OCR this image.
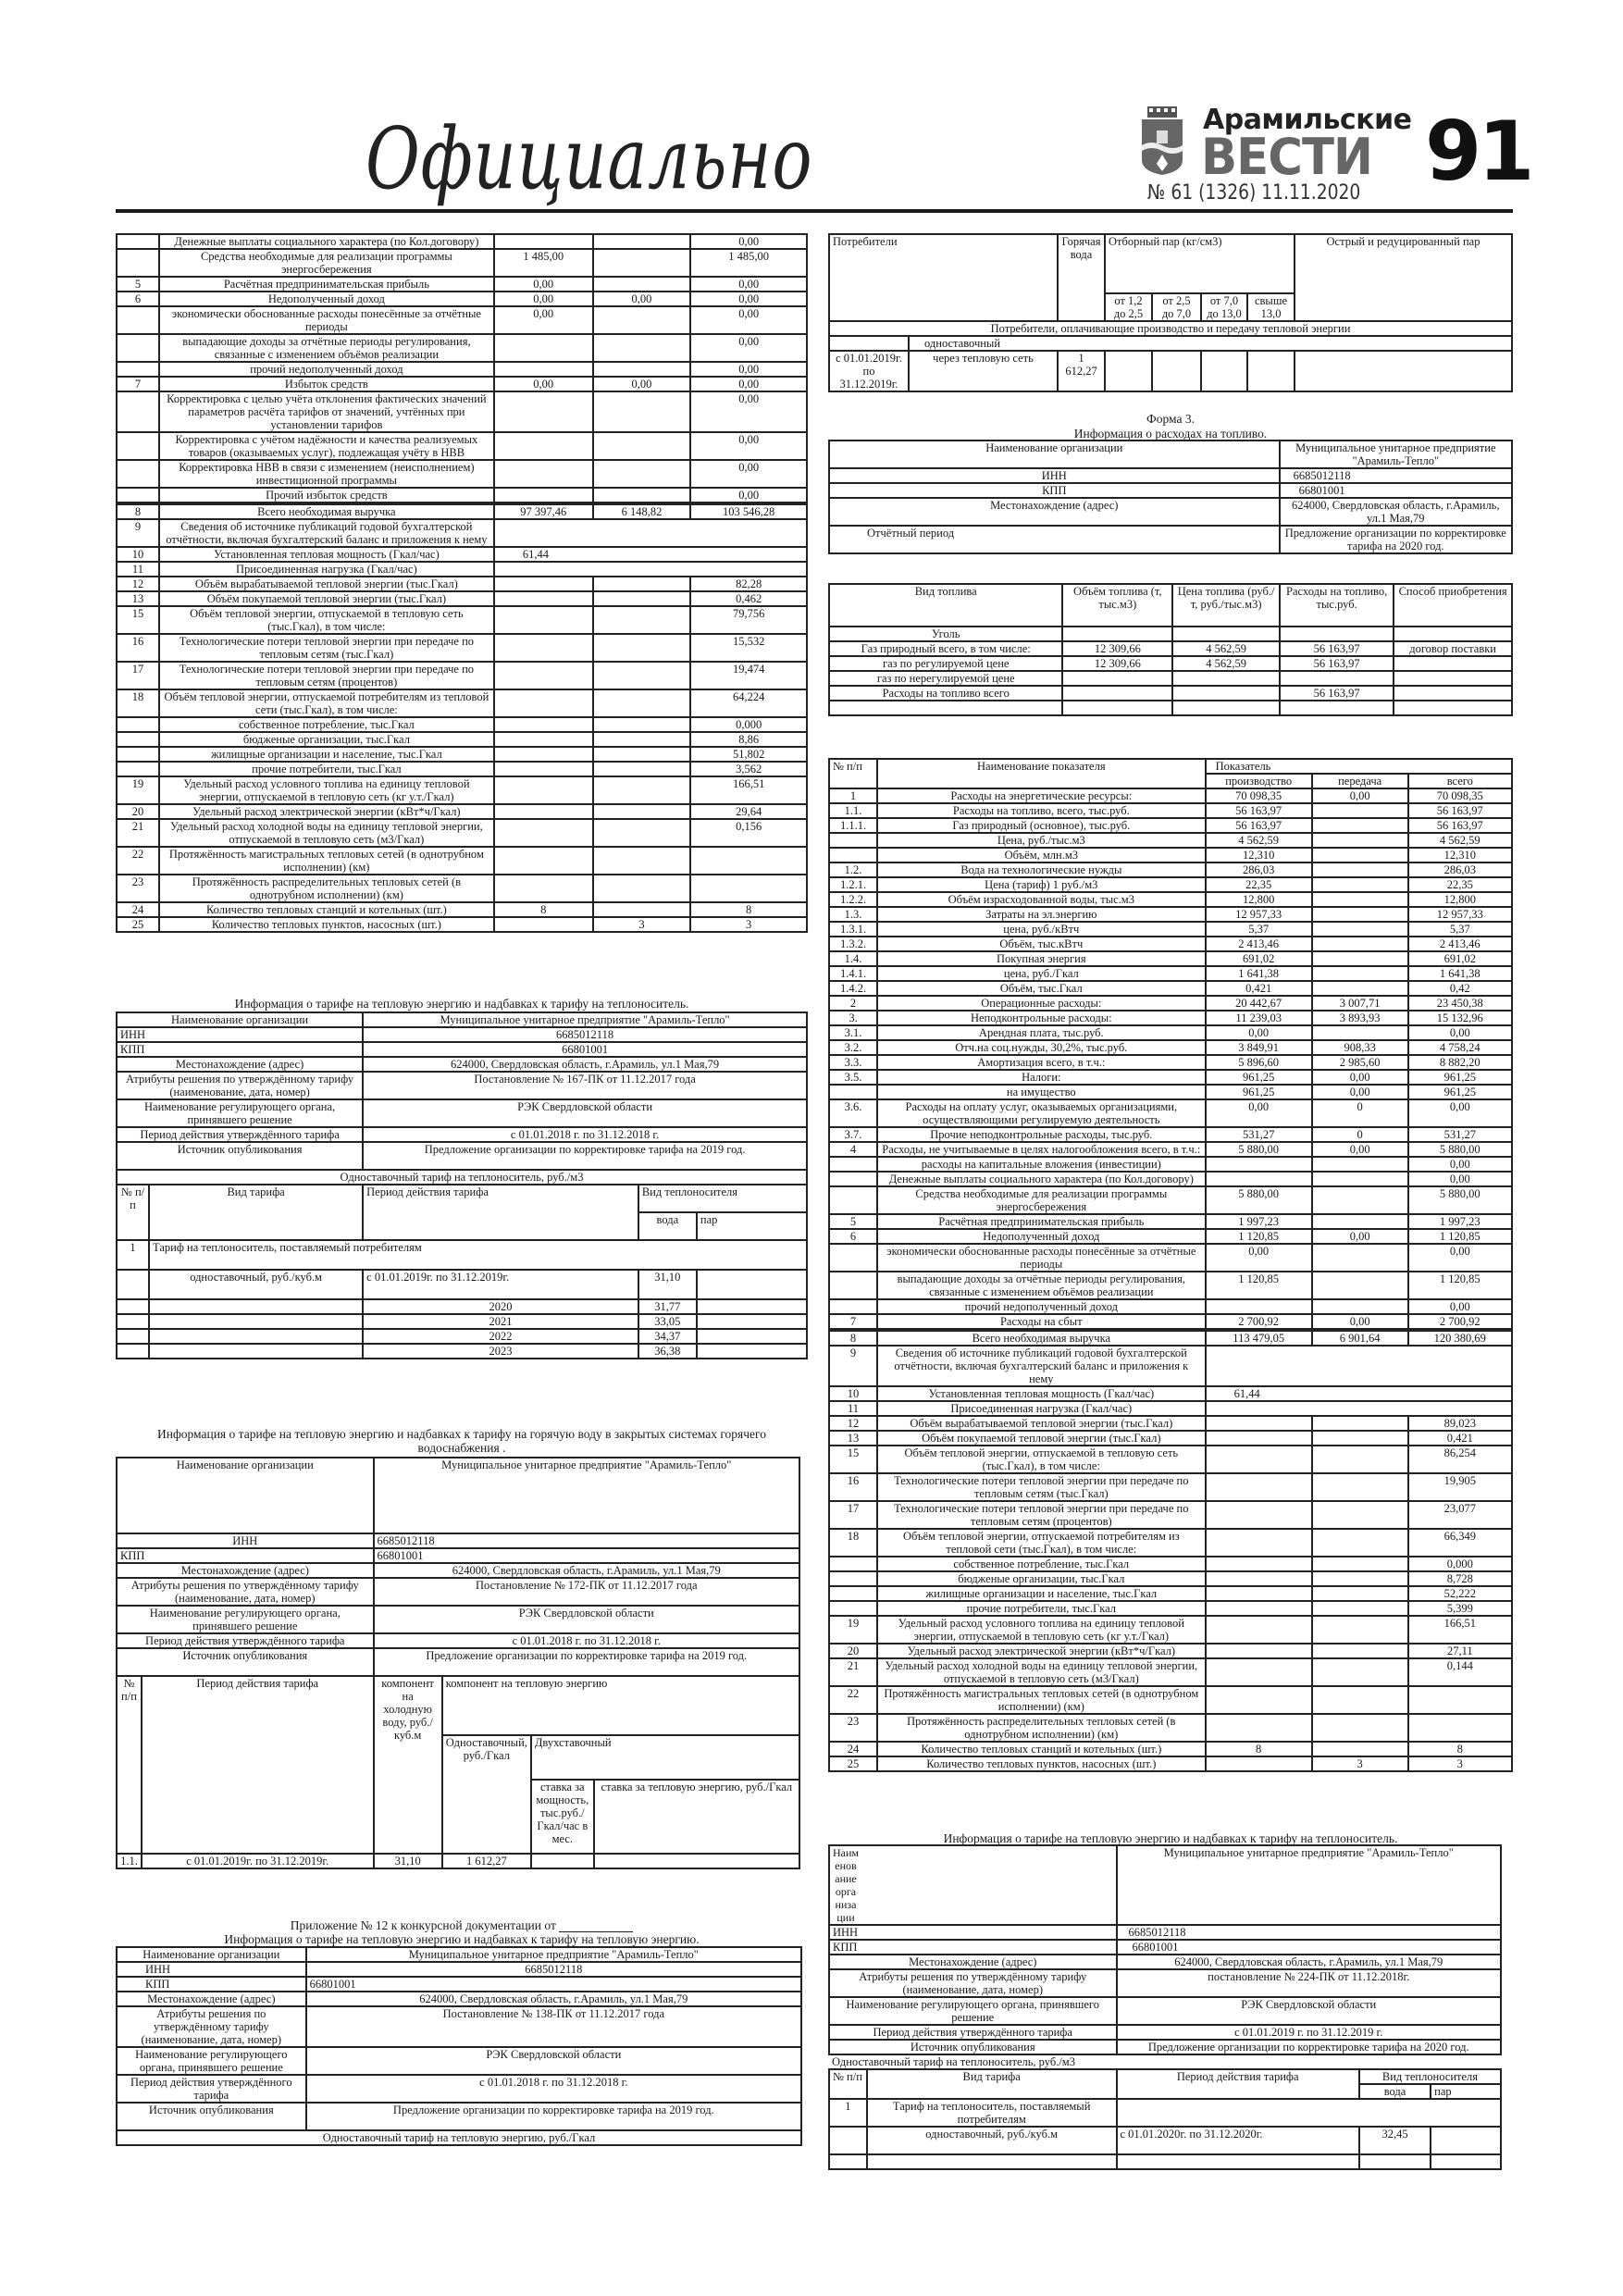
Официально	Арамильские
ВЕСТИ
№ 61 (1326) 11.11.2020 91
	Денежные выплаты социального характера (по Кол.договору)			0,00
	Средства необходимые для реализации программы энергосбережения	1 485,00		1 485,00
5	Расчётная предпринимательская прибыль	0,00		0,00
6	Недополученный доход	0,00	0,00	0,00
	экономически обоснованные расходы понесённые за отчётные периоды	0,00		0,00
	выпадающие доходы за отчётные периоды регулирования, связанные с изменением объёмов реализации			0,00
	прочий недополученный доход			0,00
7	Избыток средств	0,00	0,00	0,00
	Корректировка с целью учёта отклонения фактических значений параметров расчёта тарифов от значений, учтённых при установлении тарифов			0,00
	Корректировка с учётом надёжности и качества реализуемых товаров (оказываемых услуг), подлежащая учёту в НВВ			0,00
	Корректировка НВВ в связи с изменением (неисполнением) инвестиционной программы			0,00
	Прочий избыток средств			0,00
8	Всего необходимая выручка	97 397,46	6 148,82	103 546,28
9	Сведения об источнике публикаций годовой бухгалтерской отчётности, включая бухгалтерский баланс и приложения к нему			
10	Установленная тепловая мощность (Гкал/час)	61,44		
11	Присоединенная нагрузка (Гкал/час)			
12	Объём вырабатываемой тепловой энергии (тыс.Гкал)			82,28
13	Объём покупаемой тепловой энергии (тыс.Гкал)			0,462
15	Объём тепловой энергии, отпускаемой в тепловую сеть (тыс.Гкал), в том числе:			79,756
16	Технологические потери тепловой энергии при передаче по тепловым сетям (тыс.Гкал)			15,532
17	Технологические потери тепловой энергии при передаче по тепловым сетям (процентов)			19,474
18	Объём тепловой энергии, отпускаемой потребителям из тепловой сети (тыс.Гкал), в том числе:			64,224
	собственное потребление, тыс.Гкал			0,000
	бюдженые организации, тыс.Гкал			8,86
	жилищные организации и население, тыс.Гкал			51,802
	прочие потребители, тыс.Гкал			3,562
19	Удельный расход условного топлива на единицу тепловой энергии, отпускаемой в тепловую сеть (кг у.т./Гкал)			166,51
20	Удельный расход электрической энергии (кВт*ч/Гкал)			29,64
21	Удельный расход холодной воды на единицу тепловой энергии, отпускаемой в тепловую сеть (м3/Гкал)			0,156
22	Протяжённость магистральных тепловых сетей (в однотрубном исполнении) (км)			
23	Протяжённость распределительных тепловых сетей (в однотрубном исполнении) (км)			
24	Количество тепловых станций и котельных (шт.)	8		8
25	Количество тепловых пунктов, насосных (шт.)		3	3
Информация о тарифе на тепловую энергию и надбавках к тарифу на теплоноситель.
Наименование организации		Муниципальное унитарное предприятие "Арамиль-Тепло"		
ИНН		6685012118		
КПП		66801001		
Местонахождение (адрес)		624000, Свердловская область, г.Арамиль, ул.1 Мая,79		
Атрибуты решения по утверждённому тарифу (наименование, дата, номер)		Постановление № 167-ПК от 11.12.2017 года		
Наименование регулирующего органа, принявшего решение		РЭК Свердловской области		
Период действия утверждённого тарифа		с 01.01.2018 г. по 31.12.2018 г.		
Источник опубликования		Предложение организации по корректировке тарифа на 2019 год.		
Одноставочный тариф на теплоноситель, руб./м3				
№ п/п	Вид тарифа	Период действия тарифа	Вид теплоносителя	
			вода	пар
1	Тариф на теплоноситель, поставляемый потребителям			
	одноставочный, руб./куб.м	с 01.01.2019г. по 31.12.2019г.	31,10	
		2020	31,77	
		2021	33,05	
		2022	34,37	
		2023	36,38	
Информация о тарифе на тепловую энергию и надбавках к тарифу на горячую воду в закрытых системах горячего водоснабжения .
Наименование организации		Муниципальное унитарное предприятие "Арамиль-Тепло"			
ИНН		6685012118			
КПП		66801001			
Местонахождение (адрес)		624000, Свердловская область, г.Арамиль, ул.1 Мая,79			
Атрибуты решения по утверждённому тарифу (наименование, дата, номер)		Постановление № 172-ПК от 11.12.2017 года			
Наименование регулирующего органа, принявшего решение		РЭК Свердловской области			
Период действия утверждённого тарифа		с 01.01.2018 г. по 31.12.2018 г.			
Источник опубликования		Предложение организации по корректировке тарифа на 2019 год.			
№ п/п	Период действия тарифа	компонент на холодную воду, руб./куб.м	компонент на тепловую энергию		
			Одноставочный, руб./Гкал	Двухставочный	
				ставка за мощность, тыс.руб./Гкал/час в мес.	ставка за тепловую энергию, руб./Гкал
1.1.	с 01.01.2019г. по 31.12.2019г.	31,10	1 612,27		
Приложение № 12 к конкурсной документации от
Информация о тарифе на тепловую энергию и надбавках к тарифу на тепловую энергию.
Наименование организации	Муниципальное унитарное предприятие "Арамиль-Тепло"
ИНН	6685012118
КПП	66801001
Местонахождение (адрес)	624000, Свердловская область, г.Арамиль, ул.1 Мая,79
Атрибуты решения по утверждённому тарифу (наименование, дата, номер)	Постановление № 138-ПК от 11.12.2017 года
Наименование регулирующего органа, принявшего решение	РЭК Свердловской области
Период действия утверждённого тарифа	с 01.01.2018 г. по 31.12.2018 г.
Источник опубликования	Предложение организации по корректировке тарифа на 2019 год.
Одноставочный тариф на тепловую энергию, руб./Гкал	
Потребители		Горячая вода	Отборный пар (кг/см3)				Острый и редуцированный пар
			от 1,2 до 2,5	от 2,5 до 7,0	от 7,0 до 13,0	свыше 13,0	
Потребители, оплачивающие производство и передачу тепловой энергии							
	одноставочный						
с 01.01.2019г. по 31.12.2019г.	через тепловую сеть	1 612,27					
Форма 3.
Информация о расходах на топливо.
Наименование организации	Муниципальное унитарное предприятие "Арамиль-Тепло"
ИНН	6685012118
КПП	66801001
Местонахождение (адрес)	624000, Свердловская область, г.Арамиль, ул.1 Мая,79
Отчётный период	Предложение организации по корректировке тарифа на 2020 год.
Вид топлива	Объём топлива (т, тыс.м3)	Цена топлива (руб./т, руб./тыс.м3)	Расходы на топливо, тыс.руб.	Способ приобретения
Уголь				
Газ природный всего, в том числе:	12 309,66	4 562,59	56 163,97	договор поставки
газ по регулируемой цене	12 309,66	4 562,59	56 163,97	
газ по нерегулируемой цене				
Расходы на топливо всего			56 163,97	

№ п/п	Наименование показателя	Показатель		
		производство	передача	всего
1	Расходы на энергетические ресурсы:	70 098,35	0,00	70 098,35
1.1.	Расходы на топливо, всего, тыс.руб.	56 163,97		56 163,97
1.1.1.	Газ природный (основное), тыс.руб.	56 163,97		56 163,97
	Цена, руб./тыс.м3	4 562,59		4 562,59
	Объём, млн.м3	12,310		12,310
1.2.	Вода на технологические нужды	286,03		286,03
1.2.1.	Цена (тариф) 1 руб./м3	22,35		22,35
1.2.2.	Объём израсходованной воды, тыс.м3	12,800		12,800
1.3.	Затраты на эл.энергию	12 957,33		12 957,33
1.3.1.	цена, руб./кВтч	5,37		5,37
1.3.2.	Объём, тыс.кВтч	2 413,46		2 413,46
1.4.	Покупная энергия	691,02		691,02
1.4.1.	цена, руб./Гкал	1 641,38		1 641,38
1.4.2.	Объём, тыс.Гкал	0,421		0,42
2	Операционные расходы:	20 442,67	3 007,71	23 450,38
3.	Неподконтрольные расходы:	11 239,03	3 893,93	15 132,96
3.1.	Арендная плата, тыс.руб.	0,00		0,00
3.2.	Отч.на соц.нужды, 30,2%, тыс.руб.	3 849,91	908,33	4 758,24
3.3.	Амортизация всего, в т.ч.:	5 896,60	2 985,60	8 882,20
3.5.	Налоги:	961,25	0,00	961,25
	на имущество	961,25	0,00	961,25
3.6.	Расходы на оплату услуг, оказываемых организациями, осуществляющими регулируемую деятельность	0,00	0	0,00
3.7.	Прочие неподконтрольные расходы, тыс.руб.	531,27	0	531,27
4	Расходы, не учитываемые в целях налогообложения всего, в т.ч.:	5 880,00	0,00	5 880,00
	расходы на капитальные вложения (инвестиции)			0,00
	Денежные выплаты социального характера (по Кол.договору)			0,00
	Средства необходимые для реализации программы энергосбережения	5 880,00		5 880,00
5	Расчётная предпринимательская прибыль	1 997,23		1 997,23
6	Недополученный доход	1 120,85	0,00	1 120,85
	экономически обоснованные расходы понесённые за отчётные периоды	0,00		0,00
	выпадающие доходы за отчётные периоды регулирования, связанные с изменением объёмов реализации	1 120,85		1 120,85
	прочий недополученный доход			0,00
7	Расходы на сбыт	2 700,92	0,00	2 700,92
8	Всего необходимая выручка	113 479,05	6 901,64	120 380,69
9	Сведения об источнике публикаций годовой бухгалтерской отчётности, включая бухгалтерский баланс и приложения к нему			
10	Установленная тепловая мощность (Гкал/час)	61,44		
11	Присоединенная нагрузка (Гкал/час)			
12	Объём вырабатываемой тепловой энергии (тыс.Гкал)			89,023
13	Объём покупаемой тепловой энергии (тыс.Гкал)			0,421
15	Объём тепловой энергии, отпускаемой в тепловую сеть (тыс.Гкал), в том числе:			86,254
16	Технологические потери тепловой энергии при передаче по тепловым сетям (тыс.Гкал)			19,905
17	Технологические потери тепловой энергии при передаче по тепловым сетям (процентов)			23,077
18	Объём тепловой энергии, отпускаемой потребителям из тепловой сети (тыс.Гкал), в том числе:			66,349
	собственное потребление, тыс.Гкал			0,000
	бюдженые организации, тыс.Гкал			8,728
	жилищные организации и население, тыс.Гкал			52,222
	прочие потребители, тыс.Гкал			5,399
19	Удельный расход условного топлива на единицу тепловой энергии, отпускаемой в тепловую сеть (кг у.т./Гкал)			166,51
20	Удельный расход электрической энергии (кВт*ч/Гкал)			27,11
21	Удельный расход холодной воды на единицу тепловой энергии, отпускаемой в тепловую сеть (м3/Гкал)			0,144
22	Протяжённость магистральных тепловых сетей (в однотрубном исполнении) (км)			
23	Протяжённость распределительных тепловых сетей (в однотрубном исполнении) (км)			
24	Количество тепловых станций и котельных (шт.)	8		8
25	Количество тепловых пунктов, насосных (шт.)		3	3
Информация о тарифе на тепловую энергию и надбавках к тарифу на теплоноситель.
Наименование организации		Муниципальное унитарное предприятие "Арамиль-Тепло"		
ИНН		6685012118		
КПП		66801001		
Местонахождение (адрес)		624000, Свердловская область, г.Арамиль, ул.1 Мая,79		
Атрибуты решения по утверждённому тарифу (наименование, дата, номер)		постановление № 224-ПК от 11.12.2018г.		
Наименование регулирующего органа, принявшего решение		РЭК Свердловской области		
Период действия утверждённого тарифа		с 01.01.2019 г. по 31.12.2019 г.		
Источник опубликования		Предложение организации по корректировке тарифа на 2020 год.		
Одноставочный тариф на теплоноситель, руб./м3				
№ п/п	Вид тарифа	Период действия тарифа	Вид теплоносителя	
			вода	пар
1	Тариф на теплоноситель, поставляемый потребителям			
	одноставочный, руб./куб.м	с 01.01.2020г. по 31.12.2020г.	32,45	
